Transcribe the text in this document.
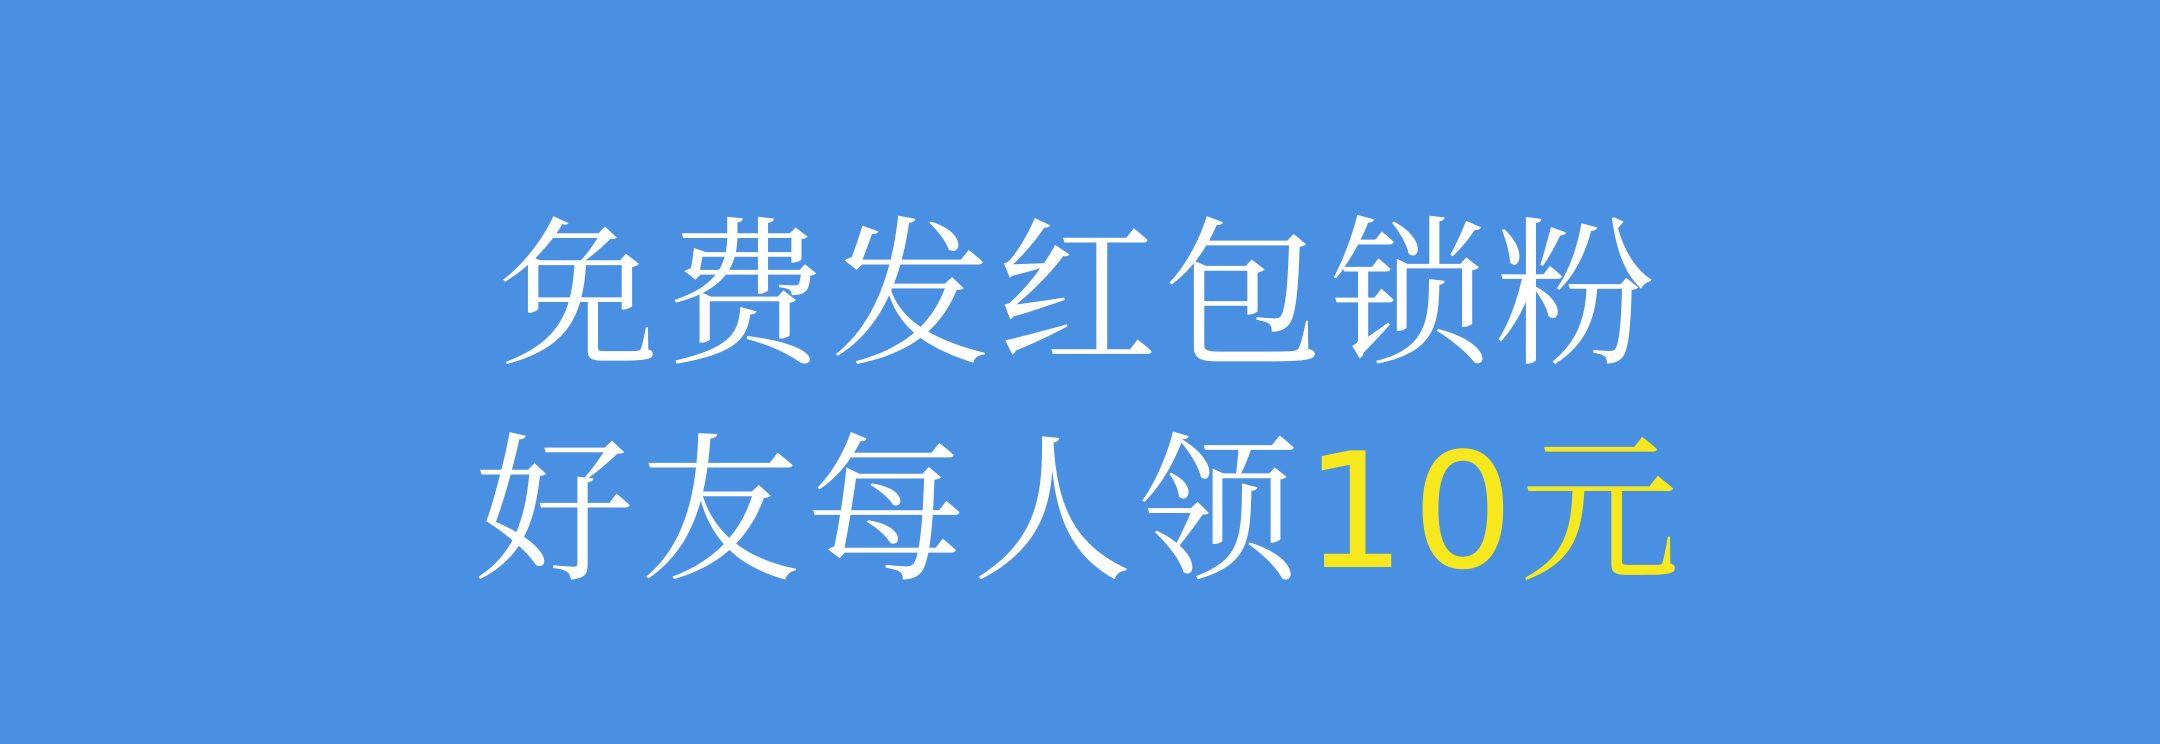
免费发红包锁粉
好友每人领10元
